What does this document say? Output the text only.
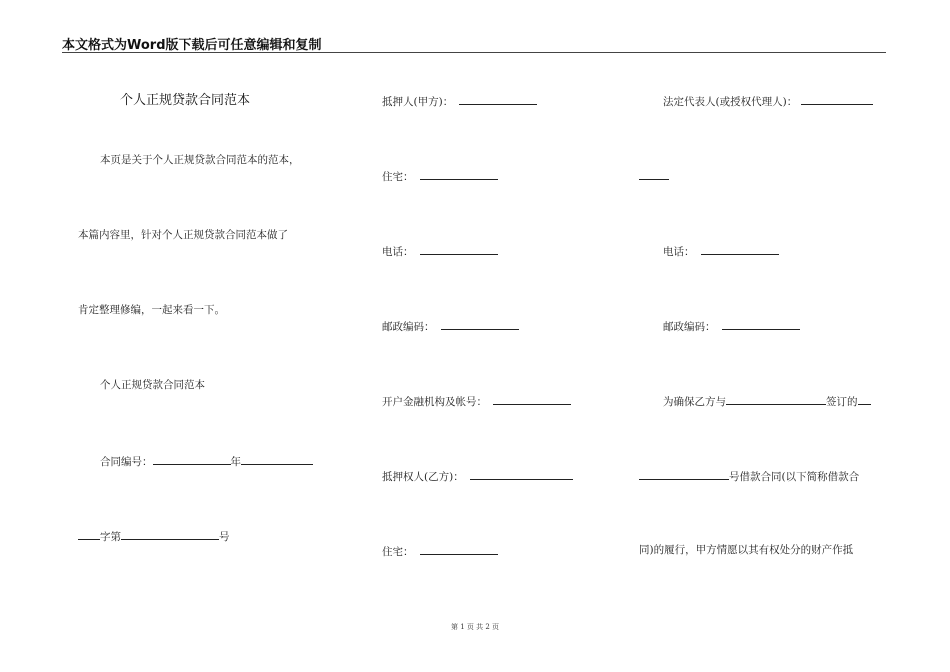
本文格式为Word版下载后可任意编辑和复制
个人正规贷款合同范本
本页是关于个人正规贷款合同范本的范本，
本篇内容里，针对个人正规贷款合同范本做了
肯定整理修编，一起来看一下。
个人正规贷款合同范本
合同编号：	年
字第	号
抵押人(甲方)：
住宅：
电话：
邮政编码：
开户金融机构及帐号：
抵押权人(乙方)：
住宅：
法定代表人(或授权代理人)：
电话：
邮政编码：
为确保乙方与	签订的
号借款合同(以下简称借款合
同)的履行，甲方情愿以其有权处分的财产作抵
第 1 页 共 2 页
